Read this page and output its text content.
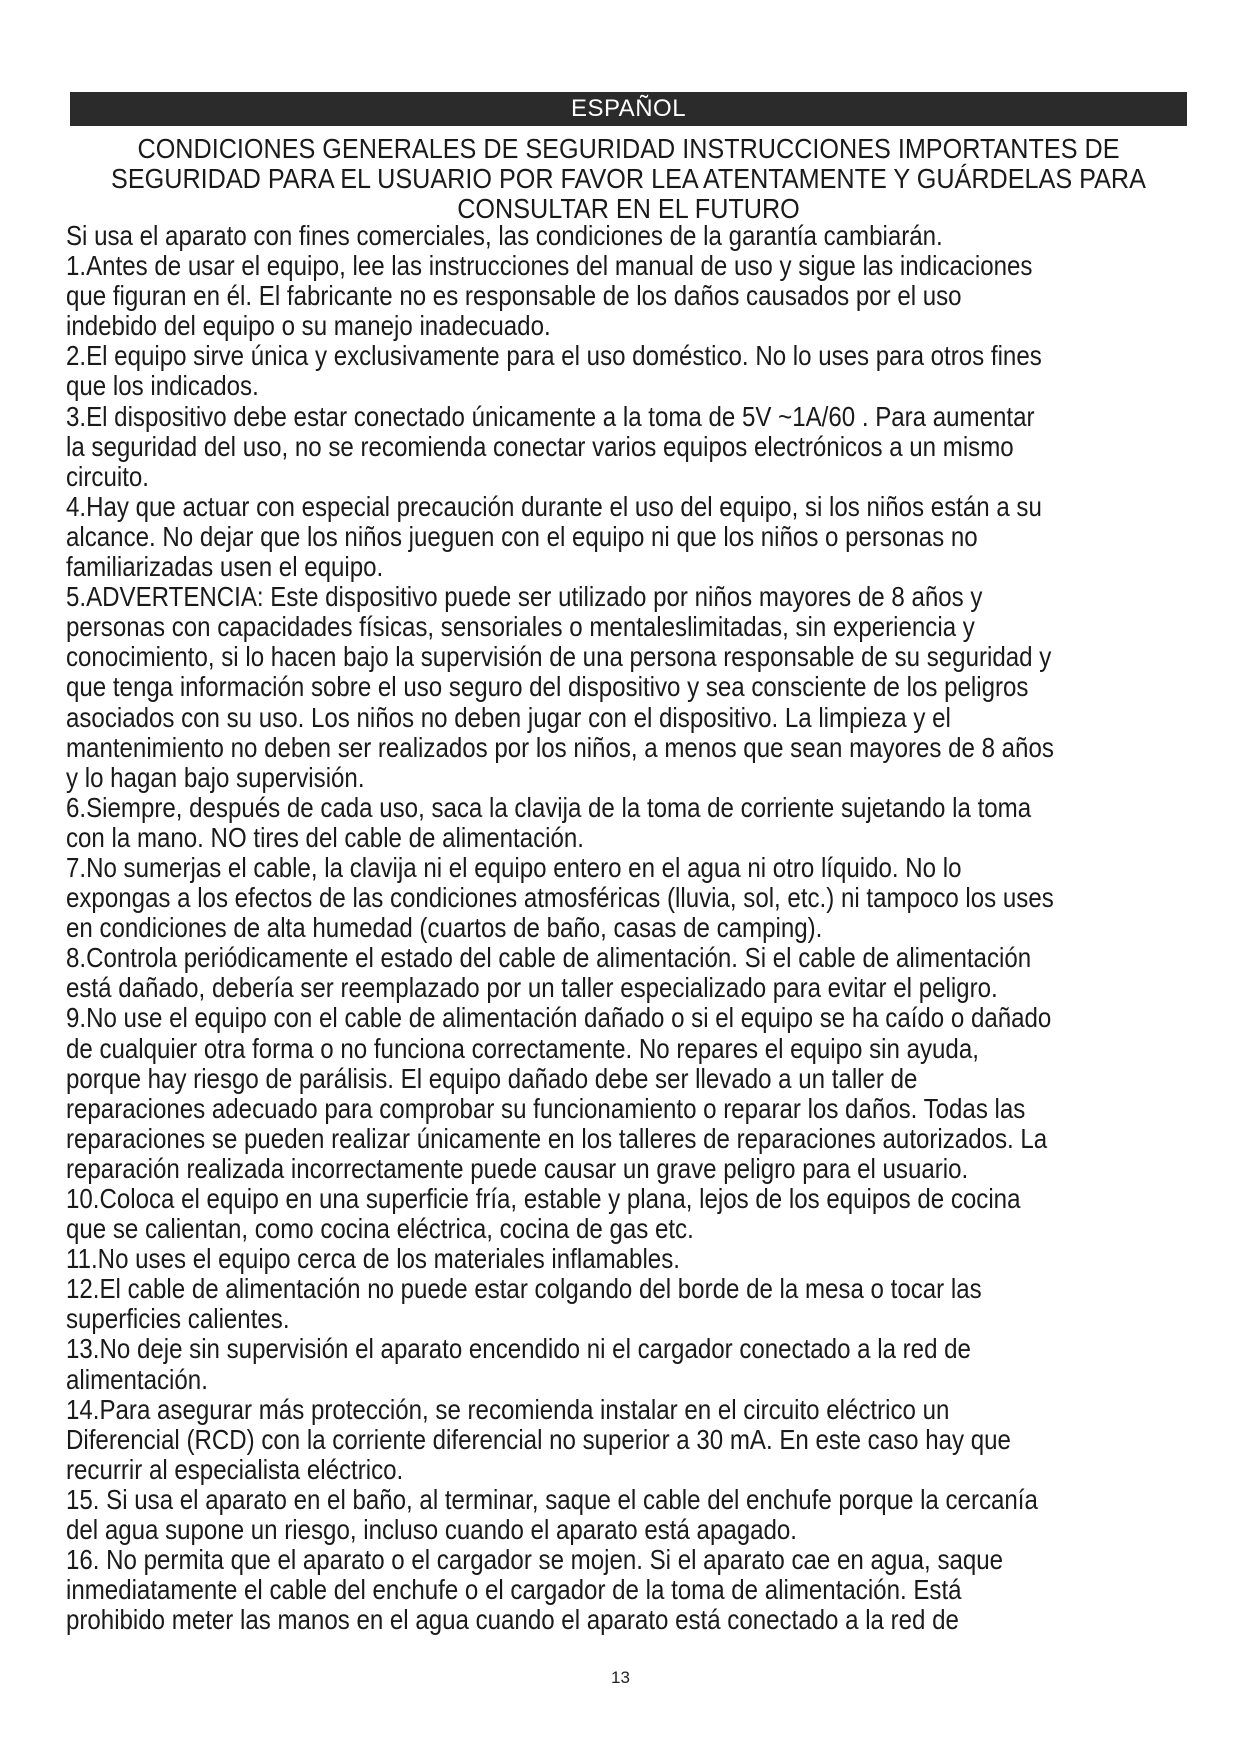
ESPAÑOL
CONDICIONES GENERALES DE SEGURIDAD INSTRUCCIONES IMPORTANTES DE
SEGURIDAD PARA EL USUARIO POR FAVOR LEA ATENTAMENTE Y GUÁRDELAS PARA
CONSULTAR EN EL FUTURO
Si usa el aparato con fines comerciales, las condiciones de la garantía cambiarán.
1.Antes de usar el equipo, lee las instrucciones del manual de uso y sigue las indicaciones
que figuran en él. El fabricante no es responsable de los daños causados por el uso
indebido del equipo o su manejo inadecuado.
2.El equipo sirve única y exclusivamente para el uso doméstico. No lo uses para otros fines
que los indicados.
3.El dispositivo debe estar conectado únicamente a la toma de 5V ~1A/60 . Para aumentar
la seguridad del uso, no se recomienda conectar varios equipos electrónicos a un mismo
circuito.
4.Hay que actuar con especial precaución durante el uso del equipo, si los niños están a su
alcance. No dejar que los niños jueguen con el equipo ni que los niños o personas no
familiarizadas usen el equipo.
5.ADVERTENCIA: Este dispositivo puede ser utilizado por niños mayores de 8 años y
personas con capacidades físicas, sensoriales o mentaleslimitadas, sin experiencia y
conocimiento, si lo hacen bajo la supervisión de una persona responsable de su seguridad y
que tenga información sobre el uso seguro del dispositivo y sea consciente de los peligros
asociados con su uso. Los niños no deben jugar con el dispositivo. La limpieza y el
mantenimiento no deben ser realizados por los niños, a menos que sean mayores de 8 años
y lo hagan bajo supervisión.
6.Siempre, después de cada uso, saca la clavija de la toma de corriente sujetando la toma
con la mano. NO tires del cable de alimentación.
7.No sumerjas el cable, la clavija ni el equipo entero en el agua ni otro líquido. No lo
expongas a los efectos de las condiciones atmosféricas (lluvia, sol, etc.) ni tampoco los uses
en condiciones de alta humedad (cuartos de baño, casas de camping).
8.Controla periódicamente el estado del cable de alimentación. Si el cable de alimentación
está dañado, debería ser reemplazado por un taller especializado para evitar el peligro.
9.No use el equipo con el cable de alimentación dañado o si el equipo se ha caído o dañado
de cualquier otra forma o no funciona correctamente. No repares el equipo sin ayuda,
porque hay riesgo de parálisis. El equipo dañado debe ser llevado a un taller de
reparaciones adecuado para comprobar su funcionamiento o reparar los daños. Todas las
reparaciones se pueden realizar únicamente en los talleres de reparaciones autorizados. La
reparación realizada incorrectamente puede causar un grave peligro para el usuario.
10.Coloca el equipo en una superficie fría, estable y plana, lejos de los equipos de cocina
que se calientan, como cocina eléctrica, cocina de gas etc.
11.No uses el equipo cerca de los materiales inflamables.
12.El cable de alimentación no puede estar colgando del borde de la mesa o tocar las
superficies calientes.
13.No deje sin supervisión el aparato encendido ni el cargador conectado a la red de
alimentación.
14.Para asegurar más protección, se recomienda instalar en el circuito eléctrico un
Diferencial (RCD) con la corriente diferencial no superior a 30 mA. En este caso hay que
recurrir al especialista eléctrico.
15. Si usa el aparato en el baño, al terminar, saque el cable del enchufe porque la cercanía
del agua supone un riesgo, incluso cuando el aparato está apagado.
16. No permita que el aparato o el cargador se mojen. Si el aparato cae en agua, saque
inmediatamente el cable del enchufe o el cargador de la toma de alimentación. Está
prohibido meter las manos en el agua cuando el aparato está conectado a la red de
13
